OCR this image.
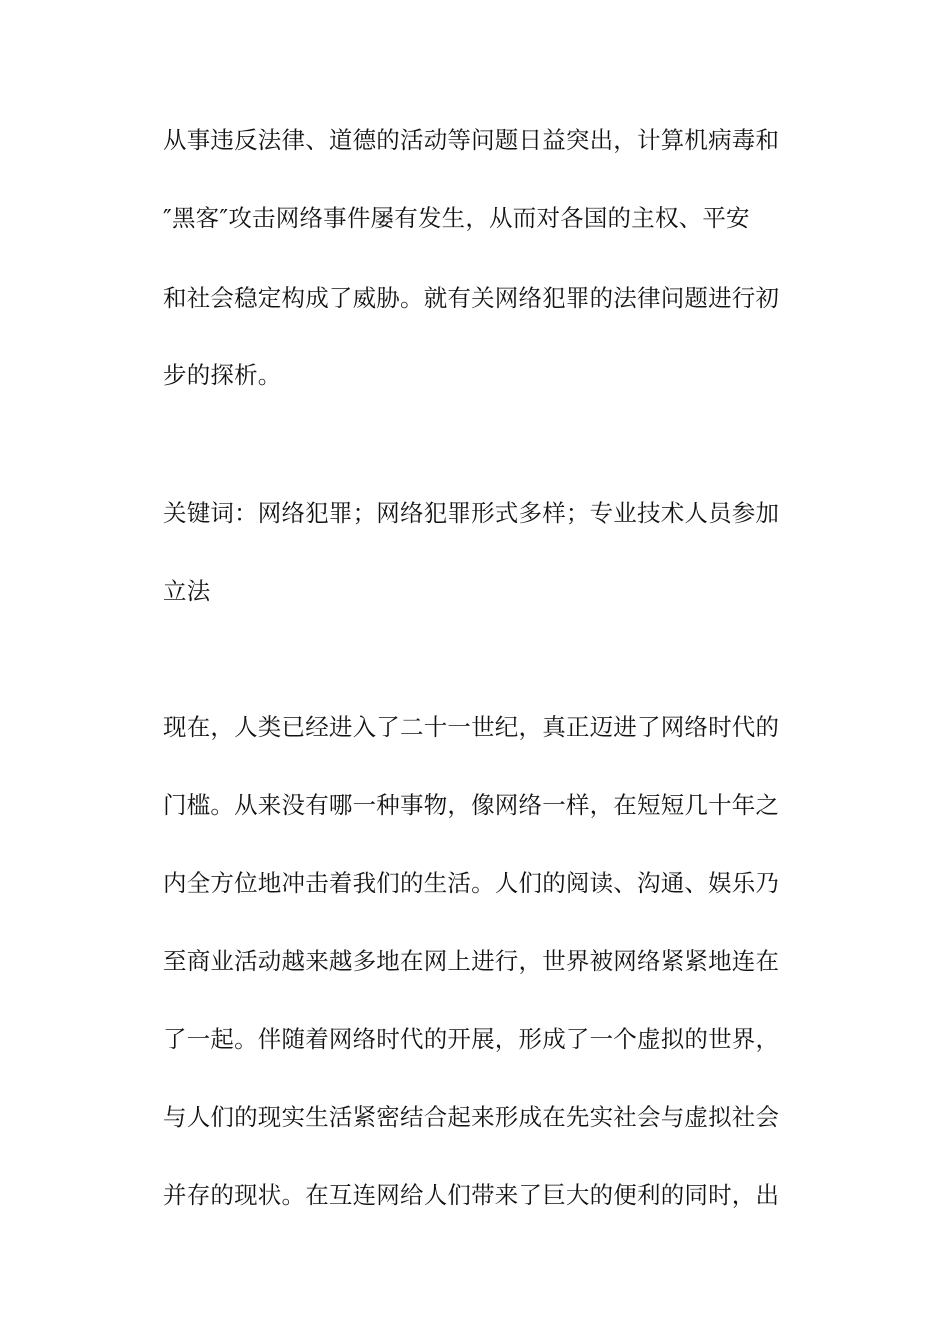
从事违反法律、道德的活动等问题日益突出，计算机病毒和
″黑客″攻击网络事件屡有发生，从而对各国的主权、平安
和社会稳定构成了威胁。就有关网络犯罪的法律问题进行初
步的探析。
关键词：网络犯罪；网络犯罪形式多样；专业技术人员参加
立法
现在，人类已经进入了二十一世纪，真正迈进了网络时代的
门槛。从来没有哪一种事物，像网络一样，在短短几十年之
内全方位地冲击着我们的生活。人们的阅读、沟通、娱乐乃
至商业活动越来越多地在网上进行，世界被网络紧紧地连在
了一起。伴随着网络时代的开展，形成了一个虚拟的世界，
与人们的现实生活紧密结合起来形成在先实社会与虚拟社会
并存的现状。在互连网给人们带来了巨大的便利的同时，出
